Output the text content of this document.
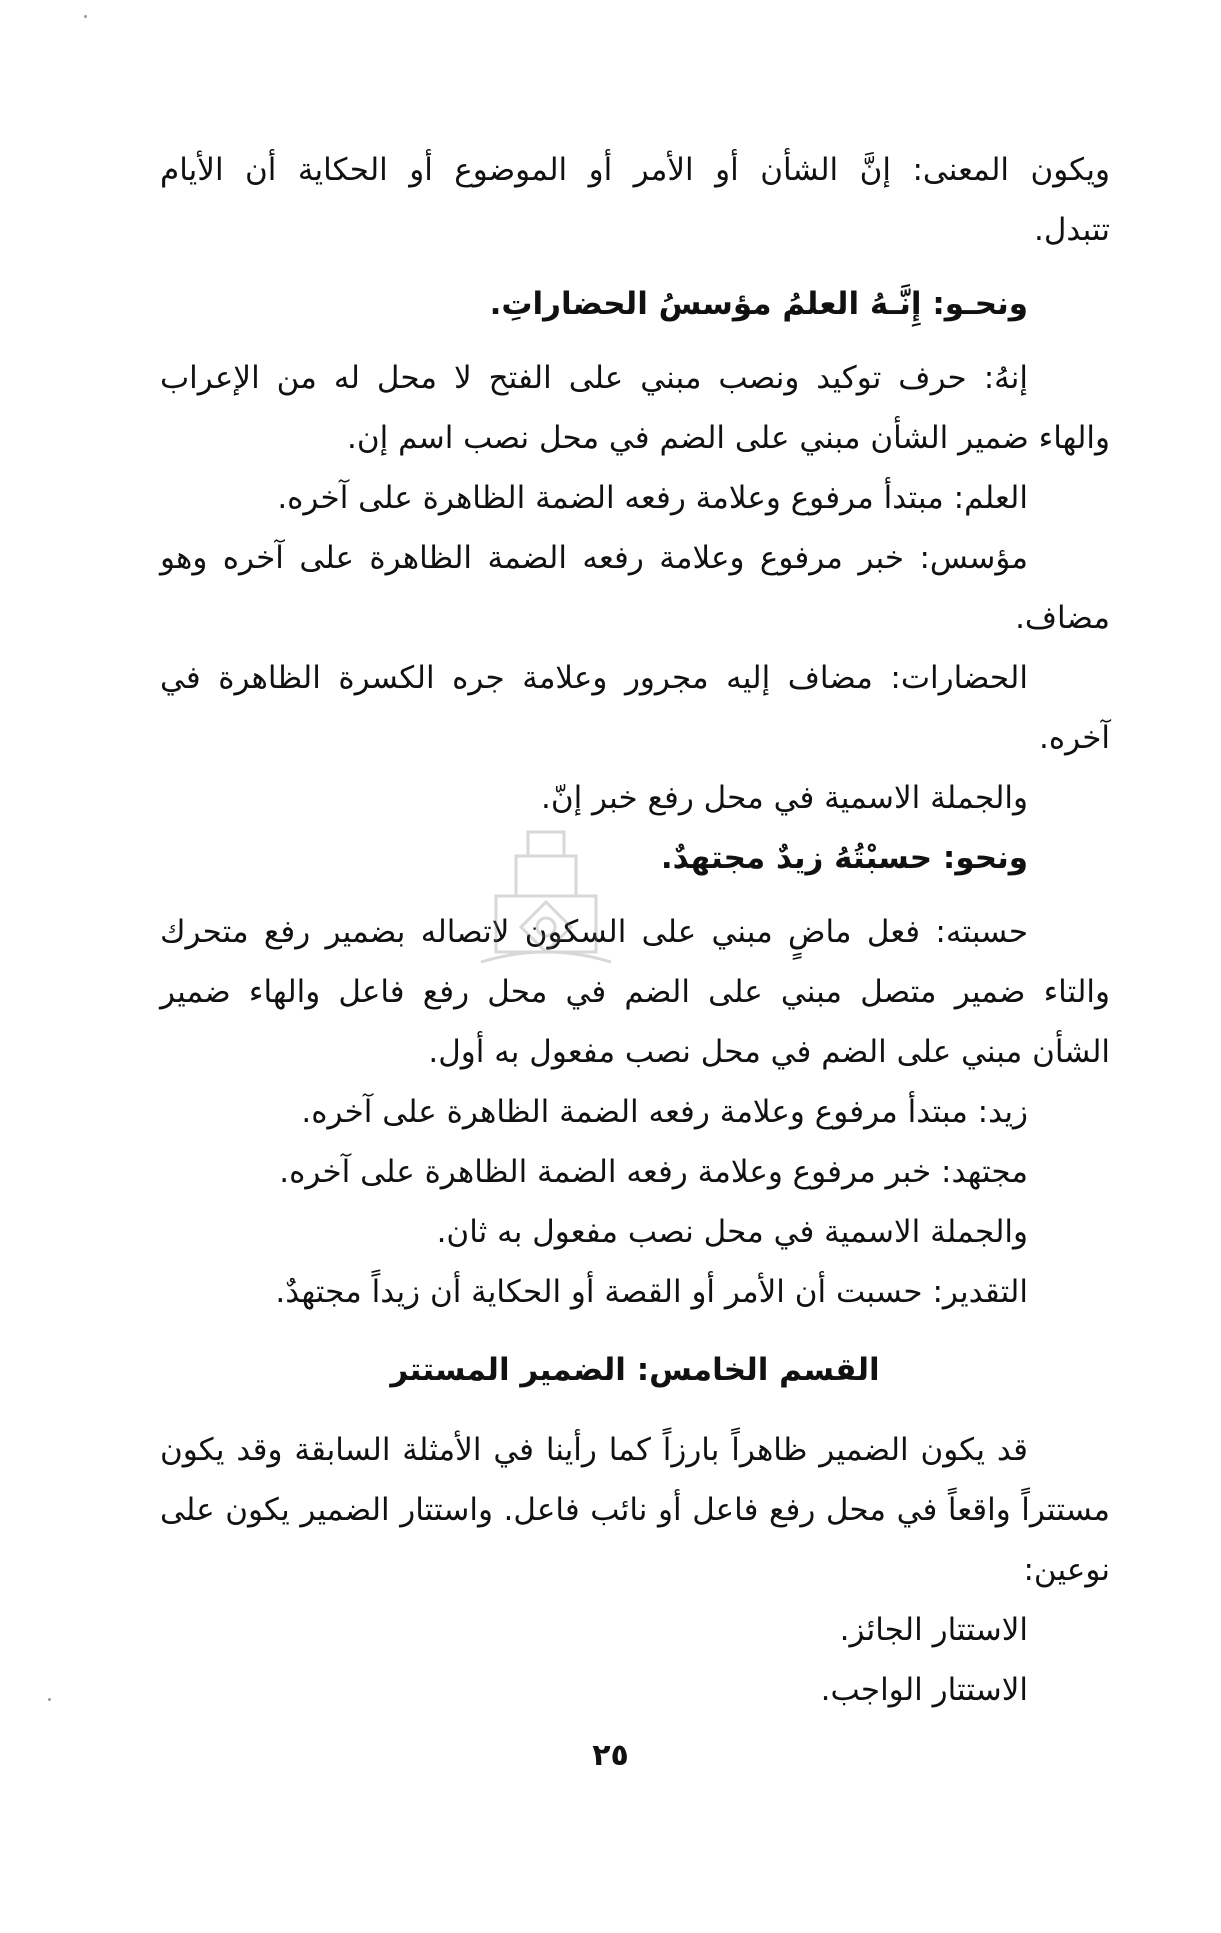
ويكون المعنى: إنَّ الشأن أو الأمر أو الموضوع أو الحكاية أن الأيام
تتبدل.
ونحـو: إِنَّـهُ العلمُ مؤسسُ الحضاراتِ.
إنهُ: حرف توكيد ونصب مبني على الفتح لا محل له من الإعراب
والهاء ضمير الشأن مبني على الضم في محل نصب اسم إن.
العلم: مبتدأ مرفوع وعلامة رفعه الضمة الظاهرة على آخره.
مؤسس: خبر مرفوع وعلامة رفعه الضمة الظاهرة على آخره وهو
مضاف.
الحضارات: مضاف إليه مجرور وعلامة جره الكسرة الظاهرة في
آخره.
والجملة الاسمية في محل رفع خبر إنّ.
ونحو: حسبْتُهُ زيدٌ مجتهدٌ.
حسبته: فعل ماضٍ مبني على السكون لاتصاله بضمير رفع متحرك
والتاء ضمير متصل مبني على الضم في محل رفع فاعل والهاء ضمير
الشأن مبني على الضم في محل نصب مفعول به أول.
زيد: مبتدأ مرفوع وعلامة رفعه الضمة الظاهرة على آخره.
مجتهد: خبر مرفوع وعلامة رفعه الضمة الظاهرة على آخره.
والجملة الاسمية في محل نصب مفعول به ثان.
التقدير: حسبت أن الأمر أو القصة أو الحكاية أن زيداً مجتهدٌ.
القسم الخامس: الضمير المستتر
قد يكون الضمير ظاهراً بارزاً كما رأينا في الأمثلة السابقة وقد يكون
مستتراً واقعاً في محل رفع فاعل أو نائب فاعل. واستتار الضمير يكون على
نوعين:
الاستتار الجائز.
الاستتار الواجب.
٢٥
